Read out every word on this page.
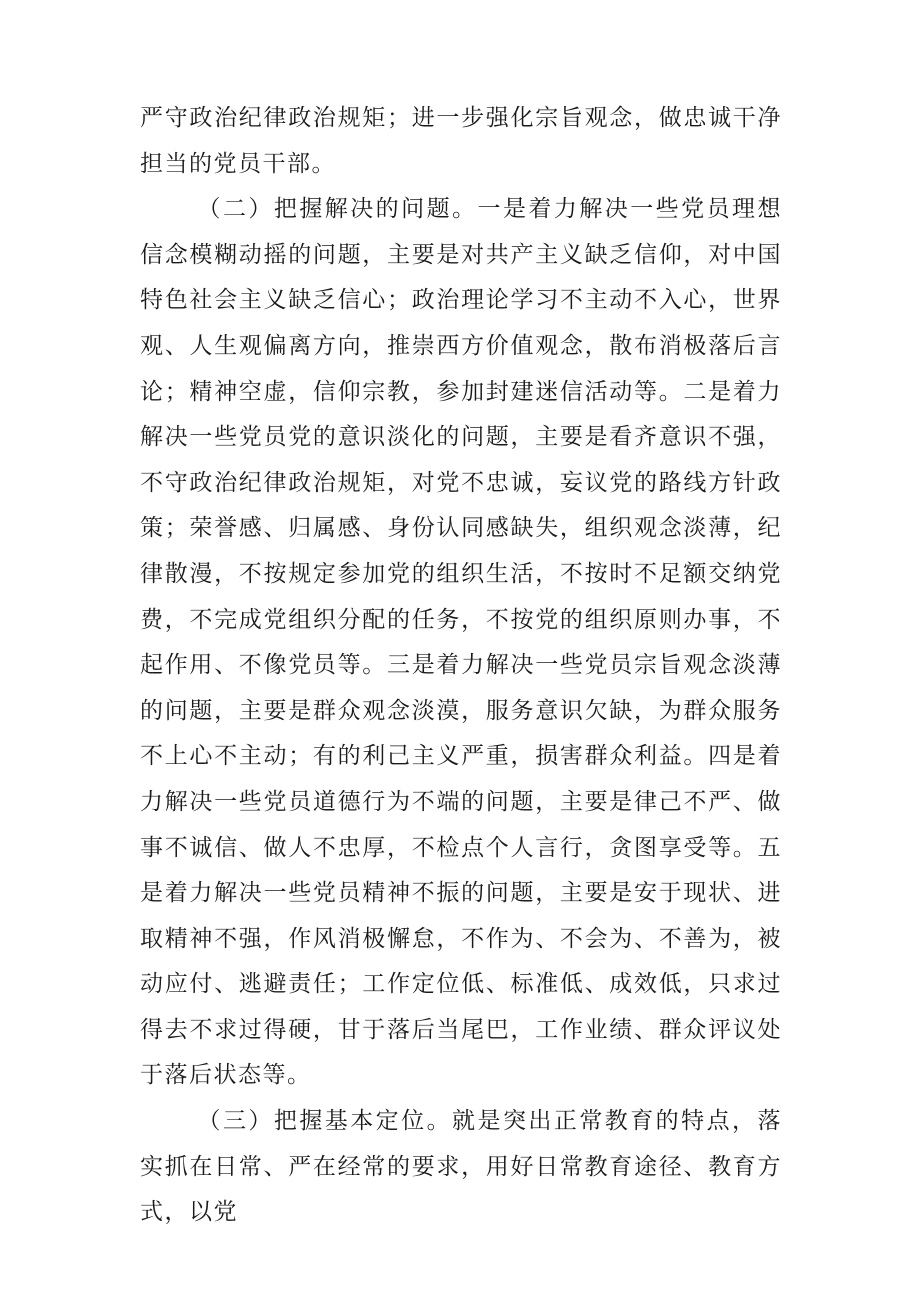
严守政治纪律政治规矩；进一步强化宗旨观念，做忠诚干净担当的党员干部。

（二）把握解决的问题。一是着力解决一些党员理想信念模糊动摇的问题，主要是对共产主义缺乏信仰，对中国特色社会主义缺乏信心；政治理论学习不主动不入心，世界观、人生观偏离方向，推崇西方价值观念，散布消极落后言论；精神空虚，信仰宗教，参加封建迷信活动等。二是着力解决一些党员党的意识淡化的问题，主要是看齐意识不强，不守政治纪律政治规矩，对党不忠诚，妄议党的路线方针政策；荣誉感、归属感、身份认同感缺失，组织观念淡薄，纪律散漫，不按规定参加党的组织生活，不按时不足额交纳党费，不完成党组织分配的任务，不按党的组织原则办事，不起作用、不像党员等。三是着力解决一些党员宗旨观念淡薄的问题，主要是群众观念淡漠，服务意识欠缺，为群众服务不上心不主动；有的利己主义严重，损害群众利益。四是着力解决一些党员道德行为不端的问题，主要是律己不严、做事不诚信、做人不忠厚，不检点个人言行，贪图享受等。五是着力解决一些党员精神不振的问题，主要是安于现状、进取精神不强，作风消极懈怠，不作为、不会为、不善为，被动应付、逃避责任；工作定位低、标准低、成效低，只求过得去不求过得硬，甘于落后当尾巴，工作业绩、群众评议处于落后状态等。

（三）把握基本定位。就是突出正常教育的特点，落实抓在日常、严在经常的要求，用好日常教育途径、教育方式，以党
